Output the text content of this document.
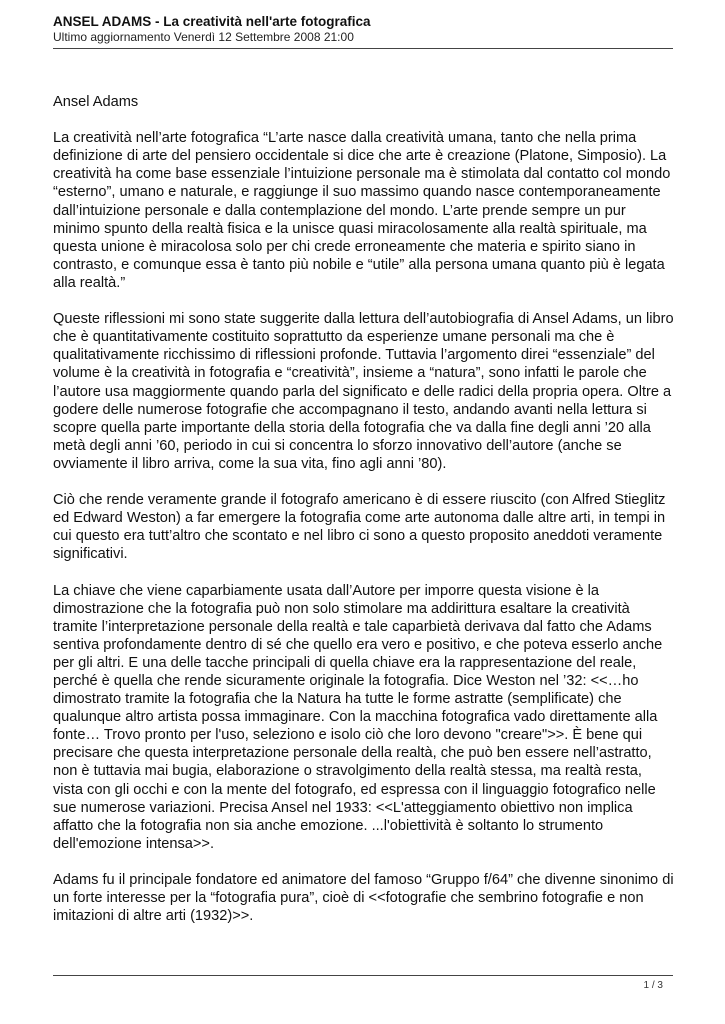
ANSEL ADAMS - La creatività nell'arte fotografica
Ultimo aggiornamento Venerdì 12 Settembre 2008 21:00

Ansel Adams

La creatività nell’arte fotografica “L’arte nasce dalla creatività umana, tanto che nella prima definizione di arte del pensiero occidentale si dice che arte è creazione (Platone, Simposio). La creatività ha come base essenziale l’intuizione personale ma è stimolata dal contatto col mondo “esterno”, umano e naturale, e raggiunge il suo massimo quando nasce contemporaneamente dall’intuizione personale e dalla contemplazione del mondo. L’arte prende sempre un pur minimo spunto della realtà fisica e la unisce quasi miracolosamente alla realtà spirituale, ma questa unione è miracolosa solo per chi crede erroneamente che materia e spirito siano in contrasto, e comunque essa è tanto più nobile e “utile” alla persona umana quanto più è legata alla realtà.”

Queste riflessioni mi sono state suggerite dalla lettura dell’autobiografia di Ansel Adams, un libro che è quantitativamente costituito soprattutto da esperienze umane personali ma che è qualitativamente ricchissimo di riflessioni profonde. Tuttavia l’argomento direi “essenziale” del volume è la creatività in fotografia e “creatività”, insieme a “natura”, sono infatti le parole che l’autore usa maggiormente quando parla del significato e delle radici della propria opera. Oltre a godere delle numerose fotografie che accompagnano il testo, andando avanti nella lettura si scopre quella parte importante della storia della fotografia che va dalla fine degli anni ’20 alla metà degli anni ’60, periodo in cui si concentra lo sforzo innovativo dell’autore (anche se ovviamente il libro arriva, come la sua vita, fino agli anni ’80).

Ciò che rende veramente grande il fotografo americano è di essere riuscito (con Alfred Stieglitz ed Edward Weston) a far emergere la fotografia come arte autonoma dalle altre arti, in tempi in cui questo era tutt’altro che scontato e nel libro ci sono a questo proposito aneddoti veramente significativi.

La chiave che viene caparbiamente usata dall’Autore per imporre questa visione è la dimostrazione che la fotografia può non solo stimolare ma addirittura esaltare la creatività tramite l’interpretazione personale della realtà e tale caparbietà derivava dal fatto che Adams sentiva profondamente dentro di sé che quello era vero e positivo, e che poteva esserlo anche per gli altri. E una delle tacche principali di quella chiave era la rappresentazione del reale, perché è quella che rende sicuramente originale la fotografia. Dice Weston nel ’32: <<…ho dimostrato tramite la fotografia che la Natura ha tutte le forme astratte (semplificate) che qualunque altro artista possa immaginare. Con la macchina fotografica vado direttamente alla fonte… Trovo pronto per l'uso, seleziono e isolo ciò che loro devono "creare">>. È bene qui precisare che questa interpretazione personale della realtà, che può ben essere nell’astratto, non è tuttavia mai bugia, elaborazione o stravolgimento della realtà stessa, ma realtà resta, vista con gli occhi e con la mente del fotografo, ed espressa con il linguaggio fotografico nelle sue numerose variazioni. Precisa Ansel nel 1933: <<L'atteggiamento obiettivo non implica affatto che la fotografia non sia anche emozione. ...l'obiettività è soltanto lo strumento dell'emozione intensa>>.

Adams fu il principale fondatore ed animatore del famoso “Gruppo f/64” che divenne sinonimo di un forte interesse per la “fotografia pura”, cioè di <<fotografie che sembrino fotografie e non imitazioni di altre arti (1932)>>.

1 / 3
